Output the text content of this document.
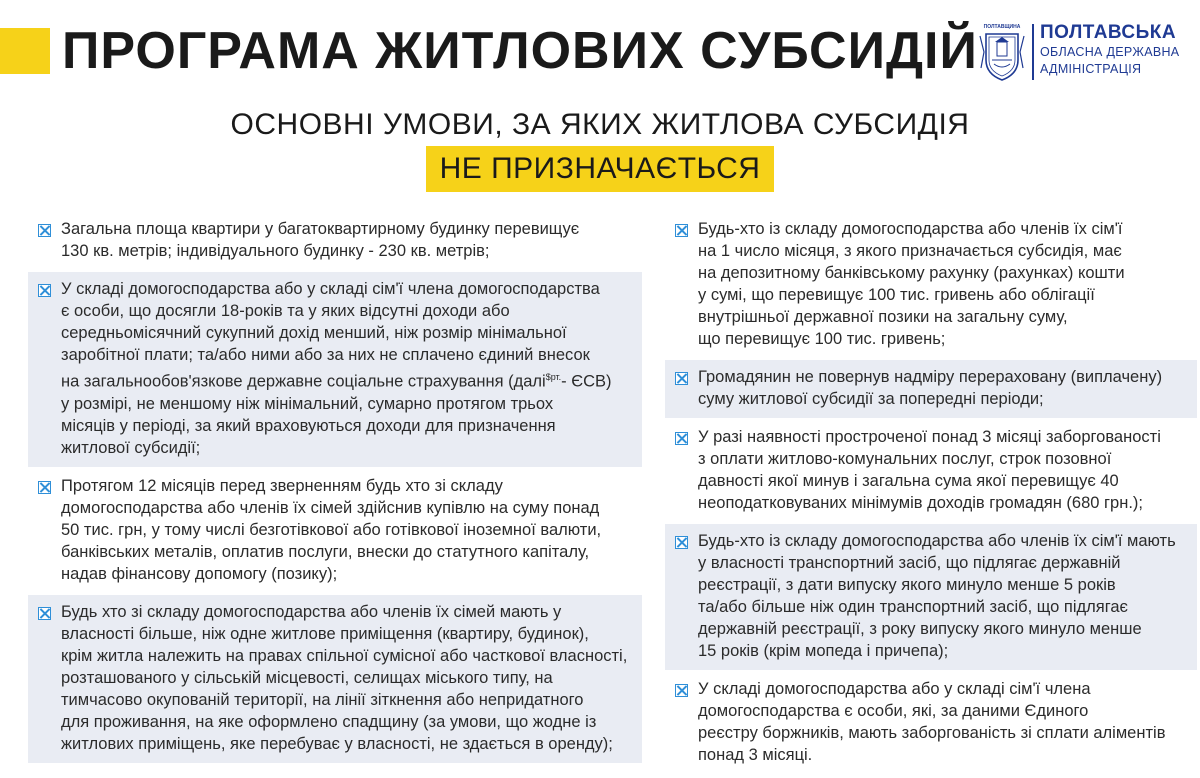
ПРОГРАМА ЖИТЛОВИХ СУБСИДІЙ ПОЛТАВЩИНА ПОЛТАВСЬКА
ОБЛАСНА ДЕРЖАВНА
АДМІНІСТРАЦІЯ
ОСНОВНІ УМОВИ, ЗА ЯКИХ ЖИТЛОВА СУБСИДІЯ
НЕ ПРИЗНАЧАЄТЬСЯ
Загальна площа квартири у багатоквартирному будинку перевищує
130 кв. метрів; індивідуального будинку - 230 кв. метрів;
У складі домогосподарства або у складі сім'ї члена домогосподарства
є особи, що досягли 18-років та у яких відсутні доходи або
середньомісячний сукупний дохід менший, ніж розмір мінімальної
заробітної плати; та/або ними або за них не сплачено єдиний внесок
на загальнообов'язкове державне соціальне страхування (далі$^{\$рт.}$- ЄСВ)
у розмірі, не меншому ніж мінімальний, сумарно протягом трьох
місяців у періоді, за який враховуються доходи для призначення
житлової субсидії;
Протягом 12 місяців перед зверненням будь хто зі складу
домогосподарства або членів їх сімей здійснив купівлю на суму понад
50 тис. грн, у тому числі безготівкової або готівкової іноземної валюти,
банківських металів, оплатив послуги, внески до статутного капіталу,
надав фінансову допомогу (позику);
Будь хто зі складу домогосподарства або членів їх сімей мають у
власності більше, ніж одне житлове приміщення (квартиру, будинок),
крім житла належить на правах спільної сумісної або часткової власності,
розташованого у сільській місцевості, селищах міського типу, на
тимчасово окупованій території, на лінії зіткнення або непридатного
для проживання, на яке оформлено спадщину (за умови, що жодне із
житлових приміщень, яке перебуває у власності, не здається в оренду);
Будь-хто із складу домогосподарства або членів їх сім'ї
на 1 число місяця, з якого призначається субсидія, має
на депозитному банківському рахунку (рахунках) кошти
у сумі, що перевищує 100 тис. гривень або облігації
внутрішньої державної позики на загальну суму,
що перевищує 100 тис. гривень;
Громадянин не повернув надміру перераховану (виплачену)
суму житлової субсидії за попередні періоди;
У разі наявності простроченої понад 3 місяці заборгованості
з оплати житлово-комунальних послуг, строк позовної
давності якої минув і загальна сума якої перевищує 40
неоподатковуваних мінімумів доходів громадян (680 грн.);
Будь-хто із складу домогосподарства або членів їх сім'ї мають
у власності транспортний засіб, що підлягає державній
реєстрації, з дати випуску якого минуло менше 5 років
та/або більше ніж один транспортний засіб, що підлягає
державній реєстрації, з року випуску якого минуло менше
15 років (крім мопеда і причепа);
У складі домогосподарства або у складі сім'ї члена
домогосподарства є особи, які, за даними Єдиного
реєстру боржників, мають заборгованість зі сплати аліментів
понад 3 місяці.
